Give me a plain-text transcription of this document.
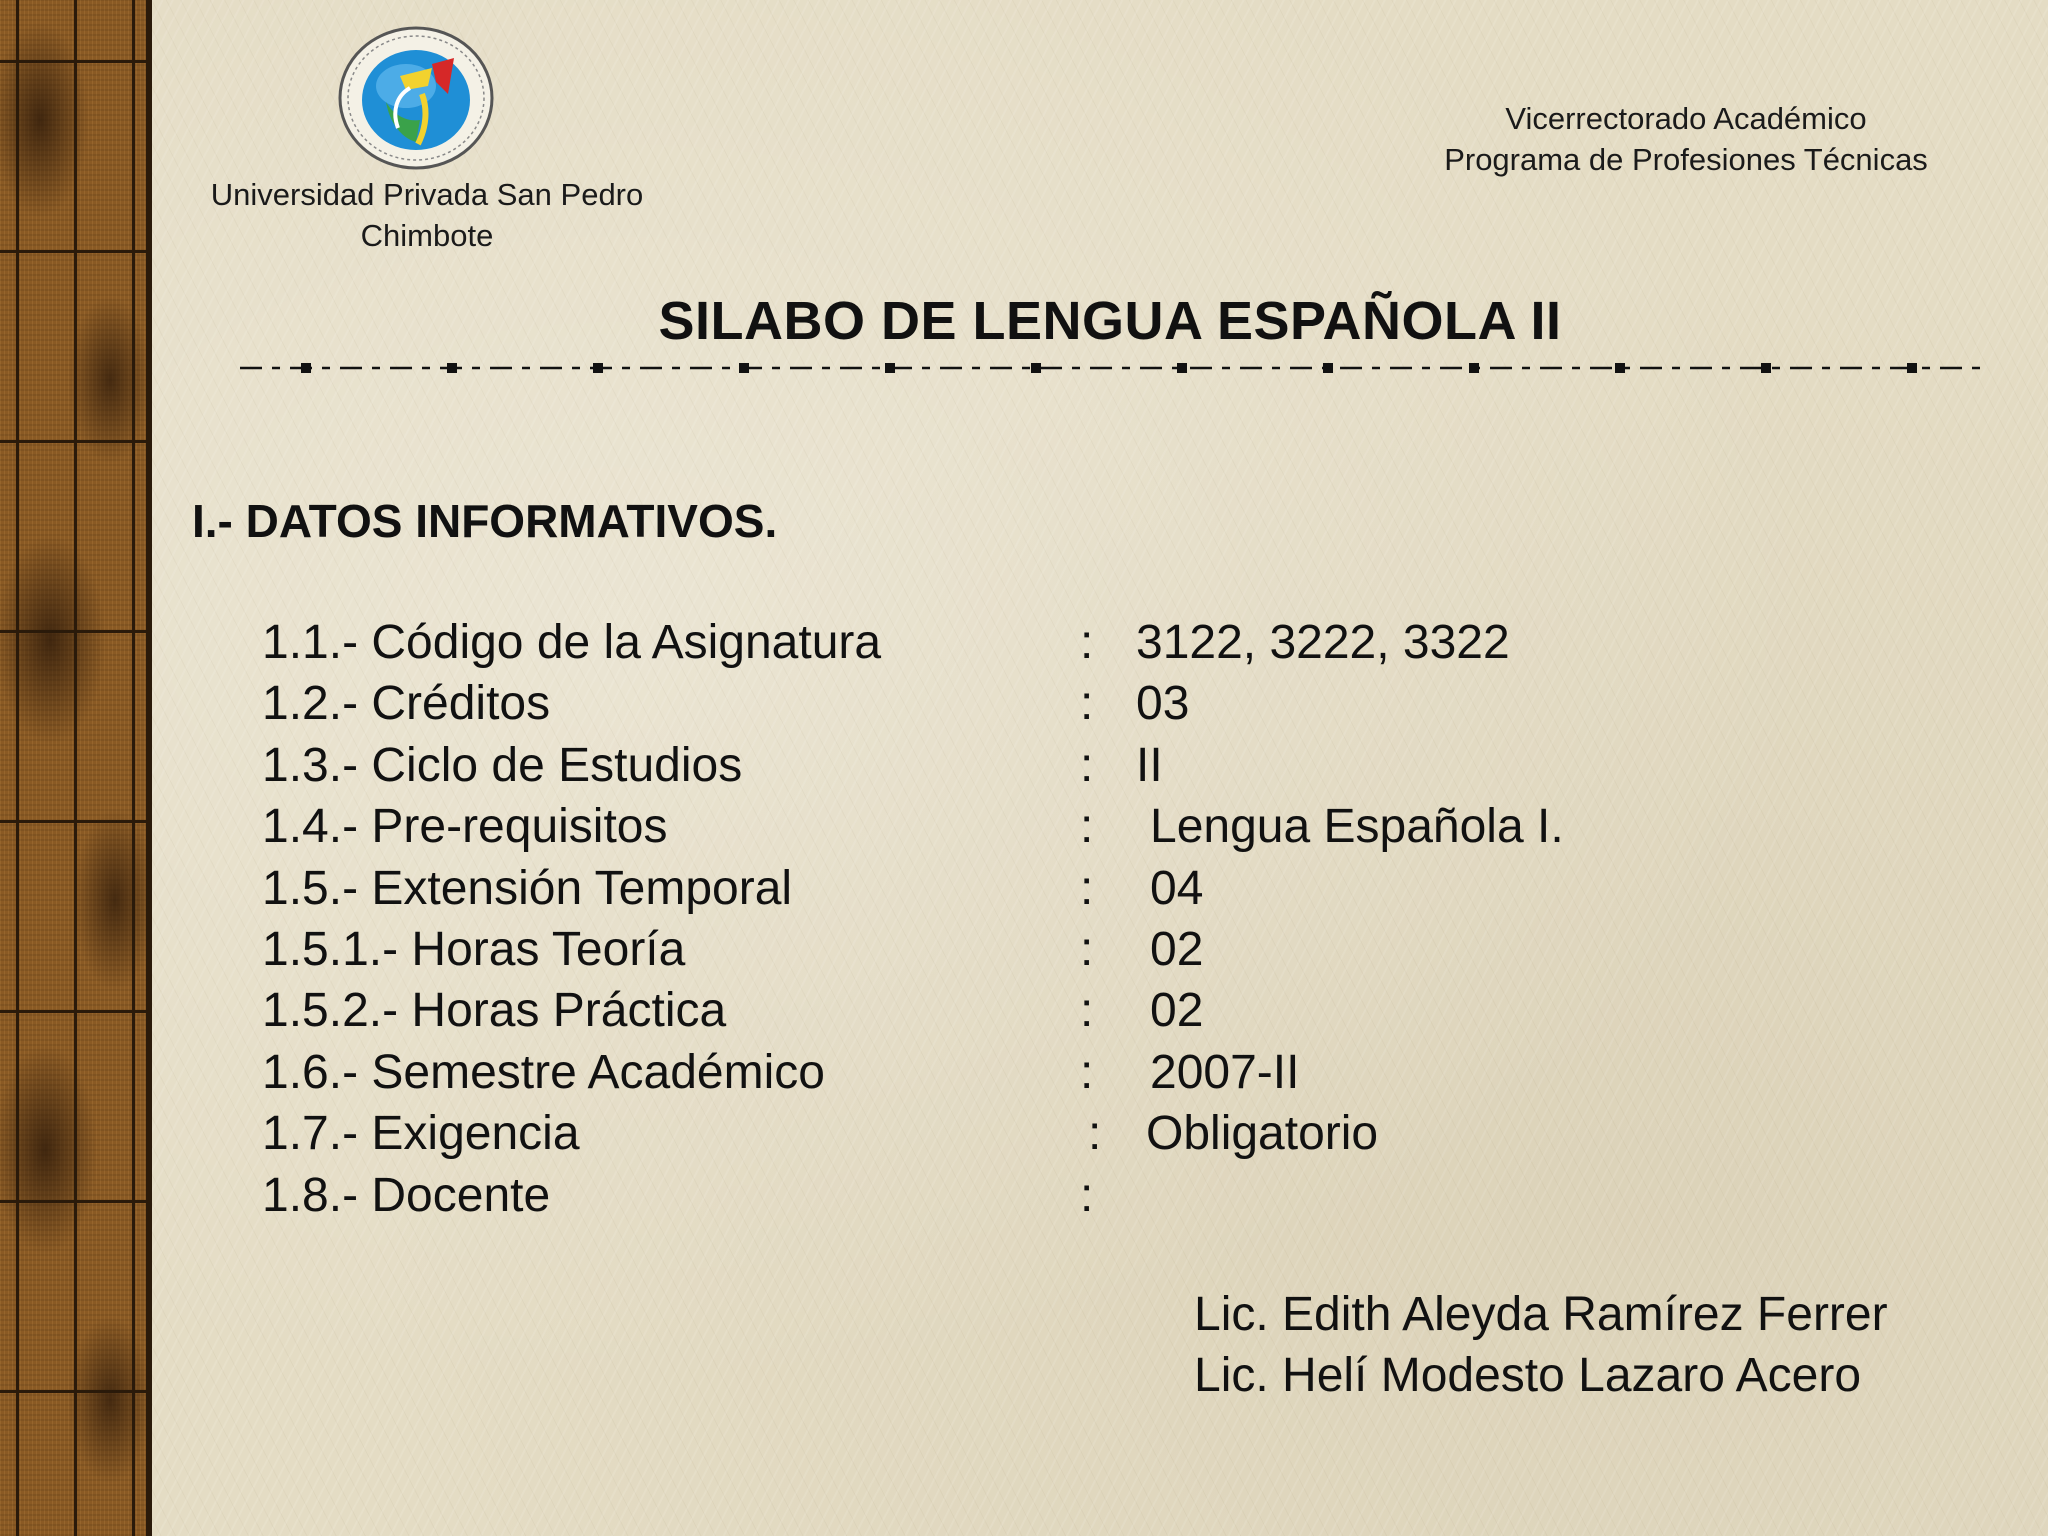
Universidad Privada San Pedro
Chimbote
Vicerrectorado Académico
Programa de Profesiones Técnicas
SILABO DE LENGUA ESPAÑOLA II
I.- DATOS INFORMATIVOS.
1.1.- Código de la Asignatura	: 3122, 3222, 3322
1.2.- Créditos	: 03
1.3.- Ciclo de Estudios	: II
1.4.- Pre-requisitos	: Lengua Española I.
1.5.- Extensión Temporal	: 04
1.5.1.- Horas Teoría	: 02
1.5.2.- Horas Práctica	: 02
1.6.- Semestre Académico	: 2007-II
1.7.- Exigencia	: Obligatorio
1.8.- Docente	:
Lic. Edith Aleyda Ramírez Ferrer
Lic. Helí Modesto Lazaro Acero
